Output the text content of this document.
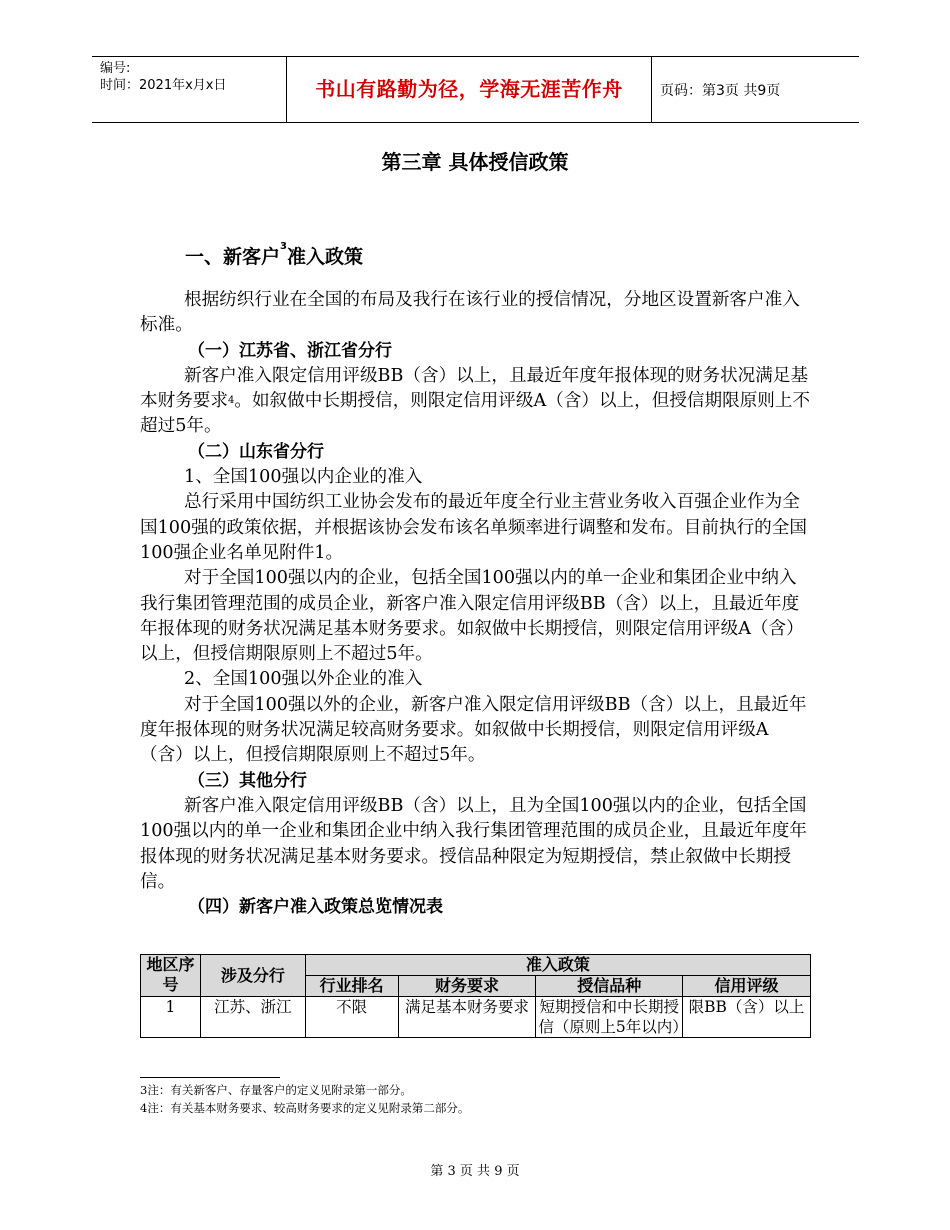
编号:
时间：2021年x月x日	书山有路勤为径，学海无涯苦作舟	页码：第3页 共9页
第三章 具体授信政策
一、新客户$^3$准入政策

根据纺织行业在全国的布局及我行在该行业的授信情况，分地区设置新客户准入标准。

（一）江苏省、浙江省分行

新客户准入限定信用评级BB（含）以上，且最近年度年报体现的财务状况满足基本财务要求$^4$。如叙做中长期授信，则限定信用评级A（含）以上，但授信期限原则上不超过5年。

（二）山东省分行

1、全国100强以内企业的准入

总行采用中国纺织工业协会发布的最近年度全行业主营业务收入百强企业作为全国100强的政策依据，并根据该协会发布该名单频率进行调整和发布。目前执行的全国100强企业名单见附件1。

对于全国100强以内的企业，包括全国100强以内的单一企业和集团企业中纳入我行集团管理范围的成员企业，新客户准入限定信用评级BB（含）以上，且最近年度年报体现的财务状况满足基本财务要求。如叙做中长期授信，则限定信用评级A（含）以上，但授信期限原则上不超过5年。

2、全国100强以外企业的准入

对于全国100强以外的企业，新客户准入限定信用评级BB（含）以上，且最近年度年报体现的财务状况满足较高财务要求。如叙做中长期授信，则限定信用评级A（含）以上，但授信期限原则上不超过5年。

（三）其他分行

新客户准入限定信用评级BB（含）以上，且为全国100强以内的企业，包括全国100强以内的单一企业和集团企业中纳入我行集团管理范围的成员企业，且最近年度年报体现的财务状况满足基本财务要求。授信品种限定为短期授信，禁止叙做中长期授信。

（四）新客户准入政策总览情况表

地区序号	涉及分行	准入政策			
		行业排名	财务要求	授信品种	信用评级
1	江苏、浙江	不限	满足基本财务要求	短期授信和中长期授信（原则上5年以内）	限BB（含）以上
3注：有关新客户、存量客户的定义见附录第一部分。
4注：有关基本财务要求、较高财务要求的定义见附录第二部分。
第 3 页 共 9 页
